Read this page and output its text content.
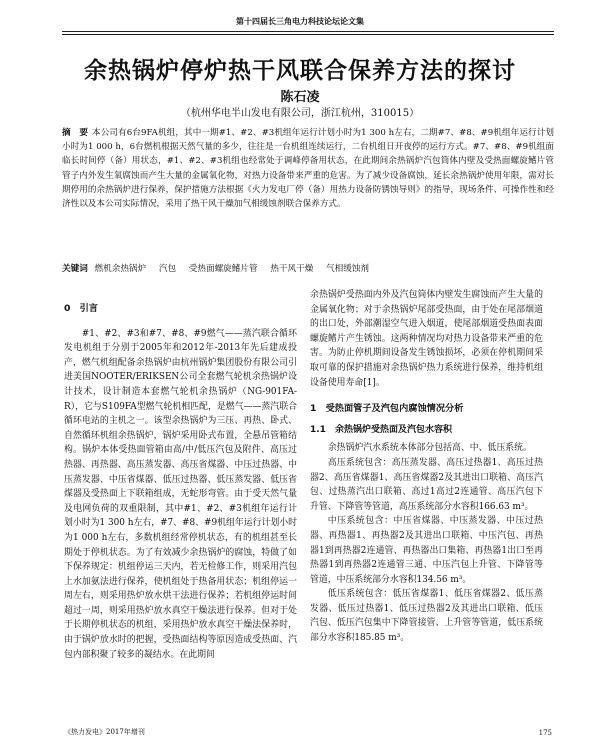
第十四届长三角电力科技论坛论文集
余热锅炉停炉热干风联合保养方法的探讨
陈石凌
（杭州华电半山发电有限公司，浙江杭州，310015）
摘　要 本公司有6台9FA机组，其中一期#1、#2、#3机组年运行计划小时为1 300 h左右，二期#7、#8、#9机组年运行计划小时为1 000 h，6台燃机根据天然气量的多少，往往是一台机组连续运行，二台机组日开夜停的运行方式。#7、#8、#9机组面临长时间停（备）用状态，#1、#2、#3机组也经常处于调峰停备用状态，在此期间余热锅炉汽包筒体内壁及受热面螺旋鳍片管管子内外发生氧腐蚀而产生大量的金属氧化物，对热力设备带来严重的危害。为了减少设备腐蚀，延长余热锅炉使用年限，需对长期停用的余热锅炉进行保养，保护措施方法根据《火力发电厂停（备）用热力设备防锈蚀导则》的指导，现场条件、可操作性和经济性以及本公司实际情况，采用了热干风干燥加气相缓蚀剂联合保养方式。
关键词 燃机余热锅炉 汽包 受热面螺旋鳍片管 热干风干燥 气相缓蚀剂
0　引言

#1、#2、#3和#7、#8、#9燃气——蒸汽联合循环发电机组于分别于2005年和2012年-2013年先后建成投产，燃气机组配备余热锅炉由杭州锅炉集团股份有限公司引进美国NOOTER/ERIKSEN公司全套燃气轮机余热锅炉设计技术，设计制造本套燃气轮机余热锅炉（NG-901FA-R），它与S109FA型燃气轮机相匹配，是燃气——蒸汽联合循环电站的主机之一。该型余热锅炉为三压、再热、卧式、自然循环机组余热锅炉，锅炉采用卧式布置，全悬吊管箱结构。锅炉本体受热面管箱由高/中/低压汽包及附件、高压过热器、再热器、高压蒸发器、高压省煤器、中压过热器、中压蒸发器、中压省煤器、低压过热器、低压蒸发器、低压省煤器及受热面上下联箱组成，无蛇形弯管。由于受天然气量及电网负荷的双重限制，其中#1、#2、#3机组年运行计划小时为1 300 h左右，#7、#8、#9机组年运行计划小时为1 000 h左右，多数机组经常停机状态，有的机组甚至长期处于停机状态。为了有效减少余热锅炉的腐蚀，特做了如下保养规定：机组停运三天内，若无检修工作，则采用汽包上水加氨法进行保养，使机组处于热备用状态；机组停运一周左右，则采用热炉放水烘干法进行保养；若机组停运时间超过一周，则采用热炉放水真空干燥法进行保养。但对于处于长期停机状态的机组，采用热炉放水真空干燥法保养时，由于锅炉放水时的把握，受热面结构等原因造成受热面、汽包内部积聚了较多的凝结水。在此期间

余热锅炉受热面内外及汽包筒体内壁发生腐蚀而产生大量的金属氧化物；对于余热锅炉尾部受热面，由于处在尾部烟道的出口处，外部潮湿空气进入烟道，使尾部烟道受热面表面螺旋鳍片产生锈蚀。这两种情况均对热力设备带来严重的危害。为防止停机期间设备发生锈蚀损坏，必须在停机期间采取可靠的保护措施对余热锅炉热力系统进行保养，维持机组设备使用寿命[1]。

1　受热面管子及汽包内腐蚀情况分析
1.1　余热锅炉受热面及汽包水容积

余热锅炉汽水系统本体部分包括高、中、低压系统。

高压系统包含：高压蒸发器、高压过热器1、高压过热器2、高压省煤器1、高压省煤器2及其进出口联箱、高压汽包、过热蒸汽出口联箱、高过1高过2连通管、高压汽包下升管、下降管等管道，高压系统部分水容积166.63 m³。

中压系统包含：中压省煤器、中压蒸发器、中压过热器、再热器1、再热器2及其进出口联箱、中压汽包、再热器1到再热器2连通管、再热器出口集箱、再热器1出口至再热器1到再热器2连通管三通、中压汽包上升管、下降管等管道，中压系统部分水容积134.56 m³。

低压系统包含：低压省煤器1、低压省煤器2、低压蒸发器、低压过热器1、低压过热器2及其进出口联箱、低压汽包、低压汽包集中下降管接管、上升管等管道，低压系统部分水容积185.85 m³。

《热力发电》2017年增刊	175
